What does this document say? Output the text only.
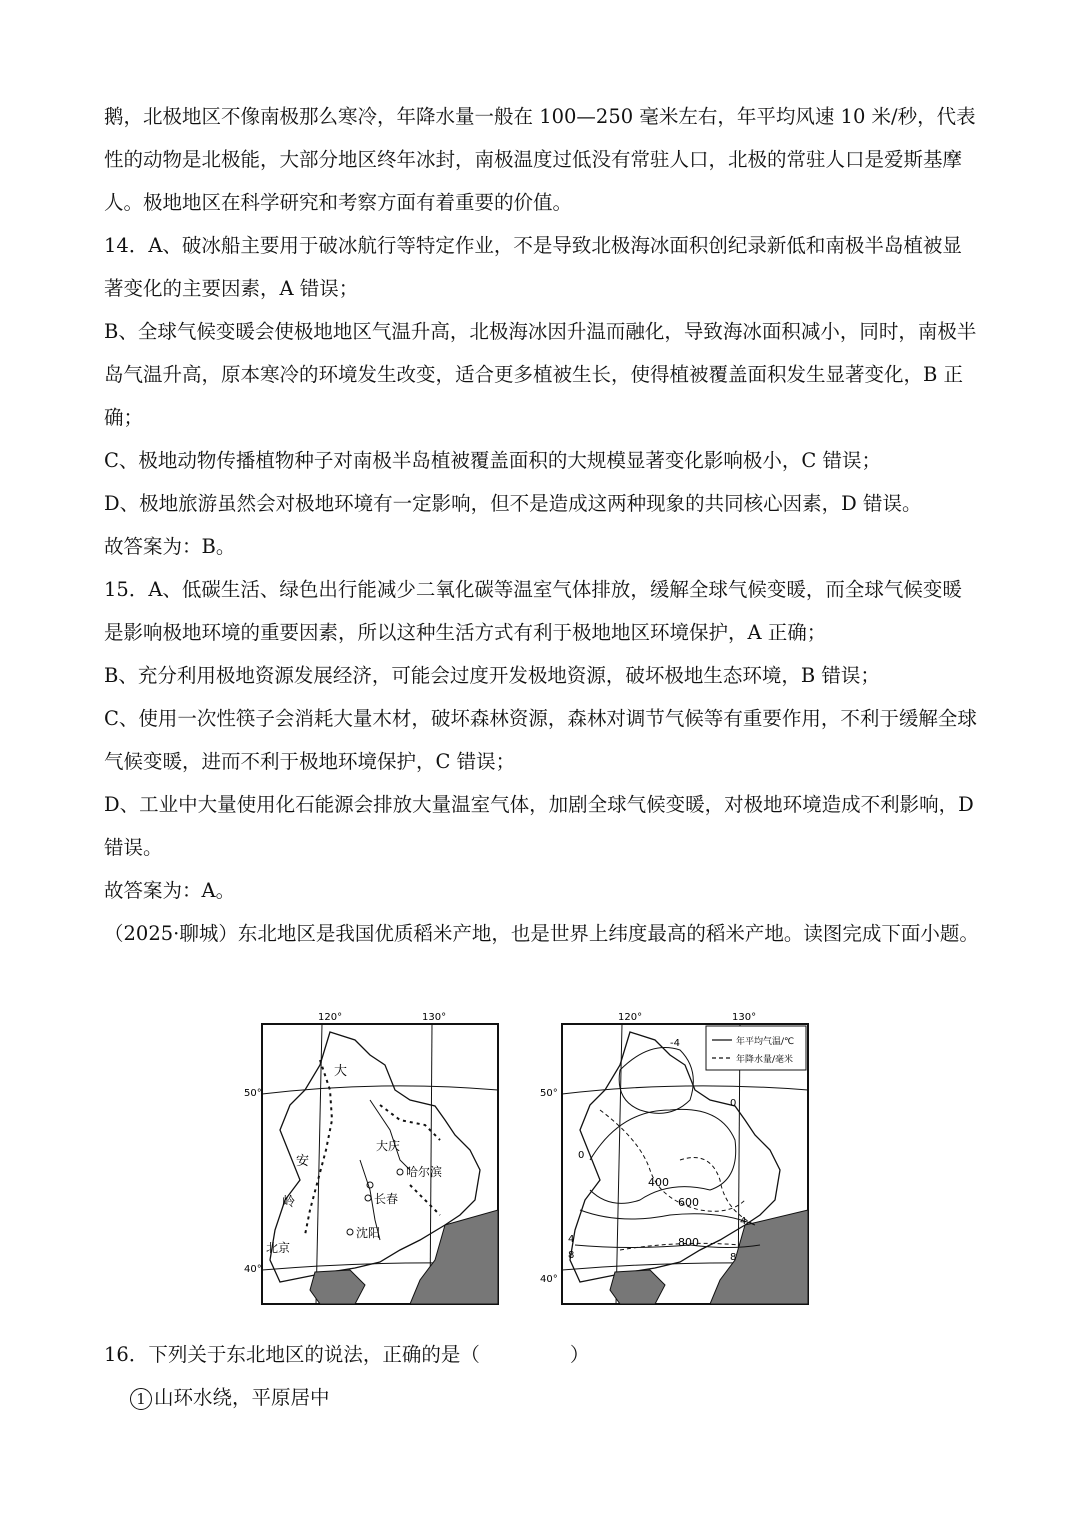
鹅，北极地区不像南极那么寒冷，年降水量一般在 100—250 毫米左右，年平均风速 10 米/秒，代表性的动物是北极能，大部分地区终年冰封，南极温度过低没有常驻人口，北极的常驻人口是爱斯基摩人。极地地区在科学研究和考察方面有着重要的价值。

14．A、破冰船主要用于破冰航行等特定作业，不是导致北极海冰面积创纪录新低和南极半岛植被显著变化的主要因素，A 错误；

B、全球气候变暖会使极地地区气温升高，北极海冰因升温而融化，导致海冰面积减小，同时，南极半岛气温升高，原本寒冷的环境发生改变，适合更多植被生长，使得植被覆盖面积发生显著变化，B 正确；

C、极地动物传播植物种子对南极半岛植被覆盖面积的大规模显著变化影响极小，C 错误；

D、极地旅游虽然会对极地环境有一定影响，但不是造成这两种现象的共同核心因素，D 错误。

故答案为：B。

15．A、低碳生活、绿色出行能减少二氧化碳等温室气体排放，缓解全球气候变暖，而全球气候变暖是影响极地环境的重要因素，所以这种生活方式有利于极地地区环境保护，A 正确；

B、充分利用极地资源发展经济，可能会过度开发极地资源，破坏极地生态环境，B 错误；

C、使用一次性筷子会消耗大量木材，破坏森林资源，森林对调节气候等有重要作用，不利于缓解全球气候变暖，进而不利于极地环境保护，C 错误；

D、工业中大量使用化石能源会排放大量温室气体，加剧全球气候变暖，对极地环境造成不利影响，D 错误。

故答案为：A。

（2025·聊城）东北地区是我国优质稻米产地，也是世界上纬度最高的稻米产地。读图完成下面小题。

120°	130°
50°
40°
大
安
岭
大庆
哈尔滨
长春
沈阳
北京
年平均气温/℃
年降水量/毫米
120°	130°
50°
40°
-4
0
4
8
400
600
800
0
4
8

16．下列关于东北地区的说法，正确的是（	）

1 山环水绕，平原居中
